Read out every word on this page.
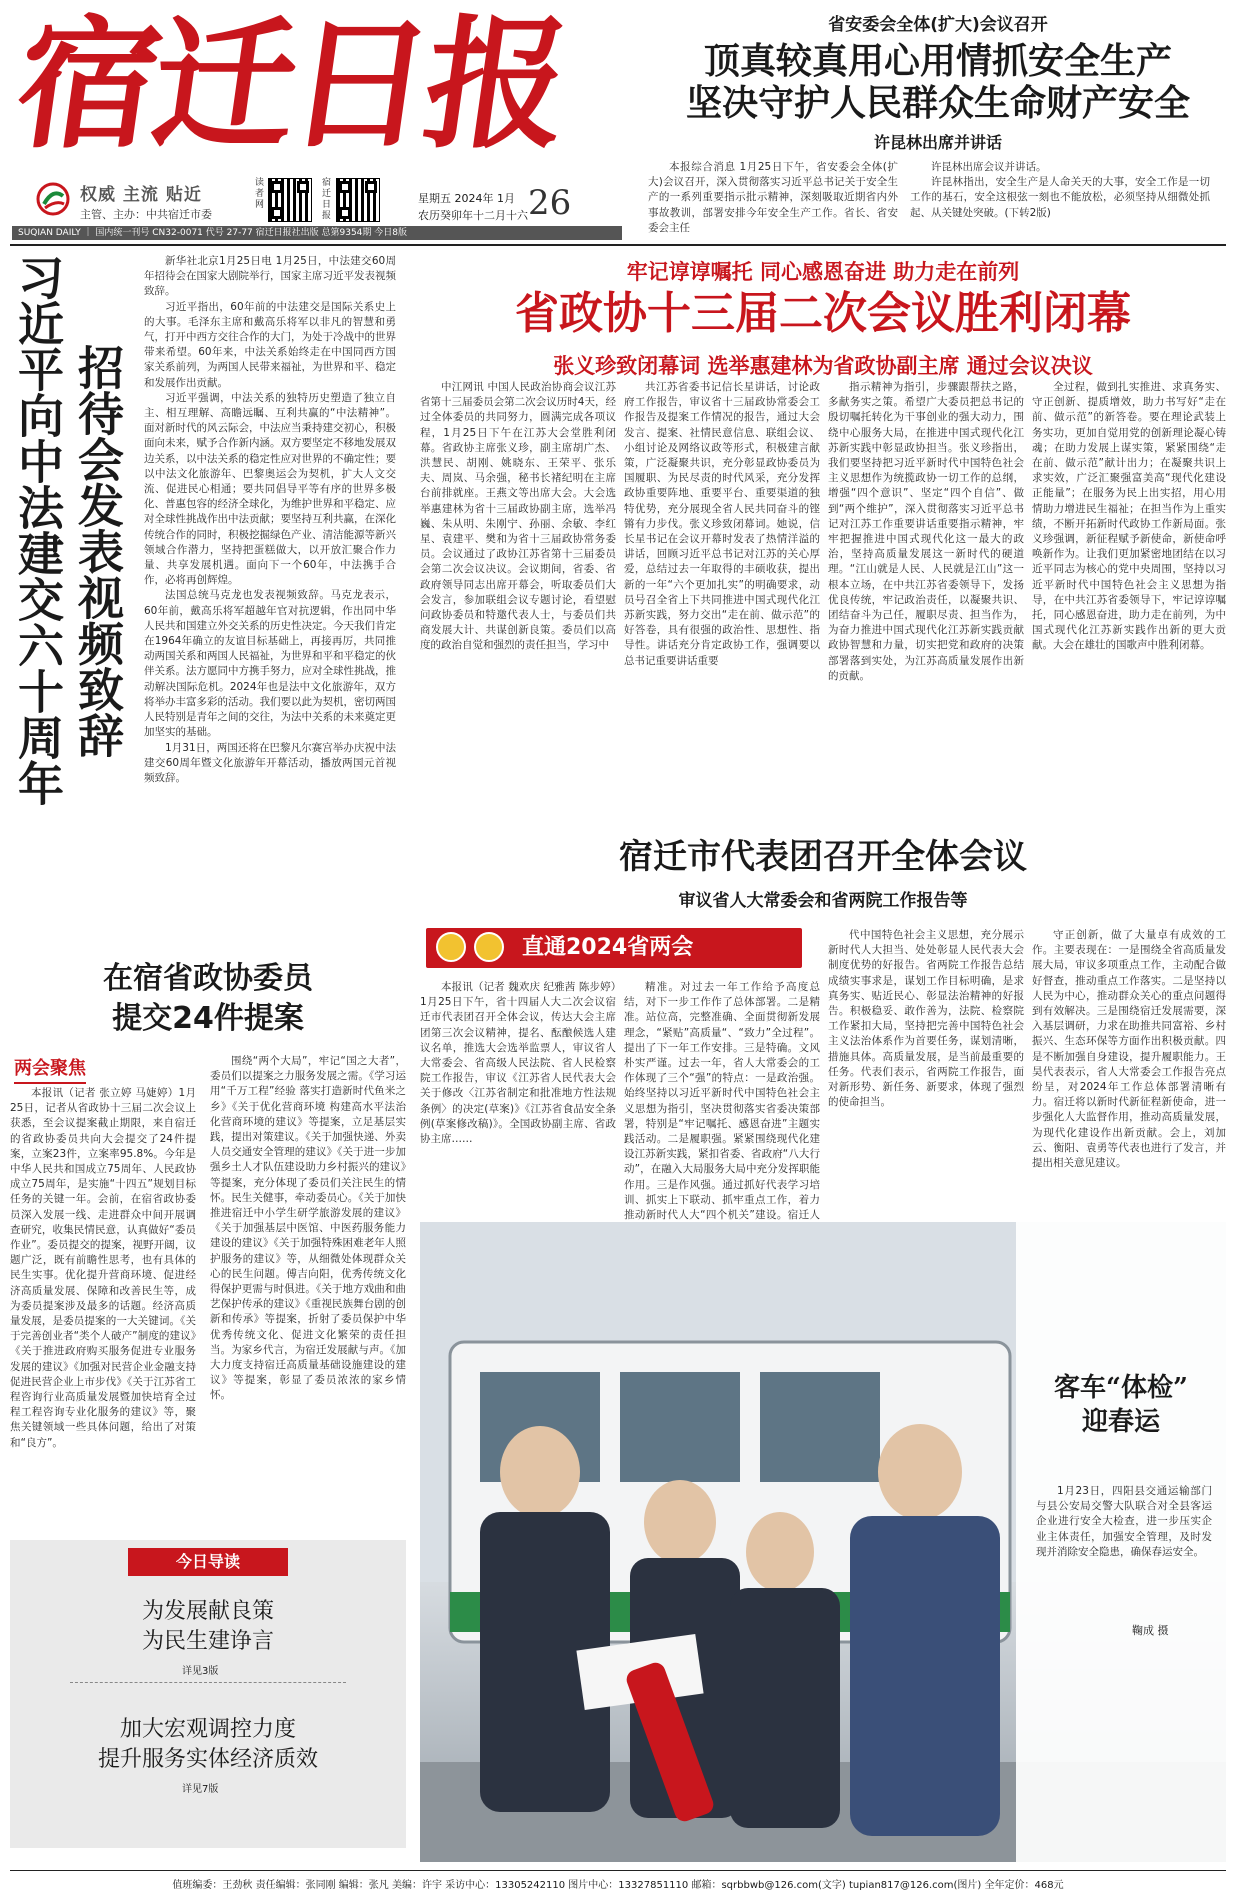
宿迁日报
权威 主流 贴近
主管、主办：中共宿迁市委
读者网
宿迁日报
星期五 2024年 1月
农历癸卯年十二月十六 26
SUQIAN DAILY ｜ 国内统一刊号 CN32-0071 代号 27-77 宿迁日报社出版 总第9354期 今日8版
省安委会全体(扩大)会议召开
顶真较真用心用情抓安全生产
坚决守护人民群众生命财产安全
许昆林出席并讲话

本报综合消息 1月25日下午，省安委会全体(扩大)会议召开，深入贯彻落实习近平总书记关于安全生产的一系列重要指示批示精神，深刻吸取近期省内外事故教训，部署安排今年安全生产工作。省长、省安委会主任

许昆林出席会议并讲话。

许昆林指出，安全生产是人命关天的大事，安全工作是一切工作的基石，安全这根弦一刻也不能放松，必须坚持从细微处抓起、从关键处突破。(下转2版)

习近平向中法建交六十周年 招待会发表视频致辞

新华社北京1月25日电 1月25日，中法建交60周年招待会在国家大剧院举行，国家主席习近平发表视频致辞。

习近平指出，60年前的中法建交是国际关系史上的大事。毛泽东主席和戴高乐将军以非凡的智慧和勇气，打开中西方交往合作的大门，为处于冷战中的世界带来希望。60年来，中法关系始终走在中国同西方国家关系前列，为两国人民带来福祉，为世界和平、稳定和发展作出贡献。

习近平强调，中法关系的独特历史塑造了独立自主、相互理解、高瞻远瞩、互利共赢的“中法精神”。面对新时代的风云际会，中法应当秉持建交初心，积极面向未来，赋予合作新内涵。双方要坚定不移地发展双边关系，以中法关系的稳定性应对世界的不确定性；要以中法文化旅游年、巴黎奥运会为契机，扩大人文交流、促进民心相通；要共同倡导平等有序的世界多极化、普惠包容的经济全球化，为维护世界和平稳定、应对全球性挑战作出中法贡献；要坚持互利共赢，在深化传统合作的同时，积极挖掘绿色产业、清洁能源等新兴领域合作潜力，坚持把蛋糕做大，以开放汇聚合作力量、共享发展机遇。面向下一个60年，中法携手合作，必将再创辉煌。

法国总统马克龙也发表视频致辞。马克龙表示，60年前，戴高乐将军超越年官对抗逻辑，作出同中华人民共和国建立外交关系的历史性决定。今天我们肯定在1964年确立的友谊目标基础上，再接再厉，共同推动两国关系和两国人民福祉，为世界和平和平稳定的伙伴关系。法方愿同中方携手努力，应对全球性挑战，推动解决国际危机。2024年也是法中文化旅游年，双方将举办丰富多彩的活动。我们要以此为契机，密切两国人民特别是青年之间的交往，为法中关系的未来奠定更加坚实的基础。

1月31日，两国还将在巴黎凡尔赛宫举办庆祝中法建交60周年暨文化旅游年开幕活动，播放两国元首视频致辞。

牢记谆谆嘱托 同心感恩奋进 助力走在前列
省政协十三届二次会议胜利闭幕
张义珍致闭幕词 选举惠建林为省政协副主席 通过会议决议

中江网讯 中国人民政治协商会议江苏省第十三届委员会第二次会议历时4天，经过全体委员的共同努力，圆满完成各项议程，1月25日下午在江苏大会堂胜利闭幕。省政协主席张义珍，副主席胡广杰、洪慧民、胡刚、姚晓东、王荣平、张乐夫、周岚、马余强，秘书长褚纪明在主席台前排就座。王燕文等出席大会。大会选举惠建林为省十三届政协副主席，选举冯巍、朱从明、朱刚宁、孙丽、余敏、李红星、袁建平、樊和为省十三届政协常务委员。会议通过了政协江苏省第十三届委员会第二次会议决议。会议期间，省委、省政府领导同志出席开幕会，听取委员们大会发言，参加联组会议专题讨论，看望慰问政协委员和特邀代表人士，与委员们共商发展大计、共谋创新良策。委员们以高度的政治自觉和强烈的责任担当，学习中

共江苏省委书记信长星讲话，讨论政府工作报告，审议省十三届政协常委会工作报告及提案工作情况的报告，通过大会发言、提案、社情民意信息、联组会议、小组讨论及网络议政等形式，积极建言献策，广泛凝聚共识，充分彰显政协委员为国履职、为民尽责的时代风采，充分发挥政协重要阵地、重要平台、重要渠道的独特优势，充分展现全省人民共同奋斗的铿锵有力步伐。张义珍致闭幕词。她说，信长星书记在会议开幕时发表了热情洋溢的讲话，回顾习近平总书记对江苏的关心厚爱，总结过去一年取得的丰硕收获，提出新的一年“六个更加扎实”的明确要求，动员号召全省上下共同推进中国式现代化江苏新实践，努力交出“走在前、做示范”的好答卷，具有很强的政治性、思想性、指导性。讲话充分肯定政协工作，强调要以总书记重要讲话重要

指示精神为指引，步骤跟帮扶之路，多献务实之策。希望广大委员把总书记的殷切嘱托转化为干事创业的强大动力，围绕中心服务大局，在推进中国式现代化江苏新实践中彰显政协担当。张义珍指出，我们要坚持把习近平新时代中国特色社会主义思想作为统揽政协一切工作的总纲，增强“四个意识”、坚定“四个自信”、做到“两个维护”，深入贯彻落实习近平总书记对江苏工作重要讲话重要指示精神，牢牢把握推进中国式现代化这一最大的政治，坚持高质量发展这一新时代的硬道理。“江山就是人民、人民就是江山”这一根本立场，在中共江苏省委领导下，发扬优良传统，牢记政治责任，以凝聚共识、团结奋斗为己任，履职尽责、担当作为，为奋力推进中国式现代化江苏新实践贡献政协智慧和力量，切实把党和政府的决策部署落到实处，为江苏高质量发展作出新的贡献。

全过程，做到扎实推进、求真务实、守正创新、提质增效，助力书写好“走在前、做示范”的新答卷。要在理论武装上务实功，更加自觉用党的创新理论凝心铸魂；在助力发展上谋实策，紧紧围绕“走在前、做示范”献计出力；在凝聚共识上求实效，广泛汇聚强富美高“现代化建设正能量”；在服务为民上出实招，用心用情助力增进民生福祉；在担当作为上重实绩，不断开拓新时代政协工作新局面。张义珍强调，新征程赋予新使命，新使命呼唤新作为。让我们更加紧密地团结在以习近平同志为核心的党中央周围，坚持以习近平新时代中国特色社会主义思想为指导，在中共江苏省委领导下，牢记谆谆嘱托，同心感恩奋进，助力走在前列，为中国式现代化江苏新实践作出新的更大贡献。大会在雄壮的国歌声中胜利闭幕。

宿迁市代表团召开全体会议
审议省人大常委会和省两院工作报告等
直通2024省两会

本报讯（记者 魏欢庆 纪雅茜 陈步婷）1月25日下午，省十四届人大二次会议宿迁市代表团召开全体会议，传达大会主席团第三次会议精神，提名、酝酿候选人建议名单，推选大会选举监票人，审议省人大常委会、省高级人民法院、省人民检察院工作报告，审议《江苏省人民代表大会关于修改〈江苏省制定和批准地方性法规条例〉的决定(草案)》《江苏省食品安全条例(草案修改稿)》。全国政协副主席、省政协主席……

精准。对过去一年工作给予高度总结，对下一步工作作了总体部署。二是精准。站位高，完整准确、全面贯彻新发展理念，“紧贴”高质量“、“致力”全过程”。提出了下一年工作安排。三是特确。文风朴实严谨。过去一年，省人大常委会的工作体现了三个“强”的特点：一是政治强。始终坚持以习近平新时代中国特色社会主义思想为指引，坚决贯彻落实省委决策部署，特别是“牢记嘱托、感恩奋进”主题实践活动。二是履职强。紧紧围绕现代化建设江苏新实践，紧扣省委、省政府“八大行动”，在融入大局服务大局中充分发挥职能作用。三是作风强。通过抓好代表学习培训、抓实上下联动、抓牢重点工作，着力推动新时代人大“四个机关”建设。宿迁人

代中国特色社会主义思想，充分展示新时代人大担当、处处彰显人民代表大会制度优势的好报告。省两院工作报告总结成绩实事求是，谋划工作目标明确，是求真务实、贴近民心、彰显法治精神的好报告。积极稳妥、敢作善为，法院、检察院工作紧扣大局，坚持把完善中国特色社会主义法治体系作为首要任务，谋划清晰，措施具体。高质量发展，是当前最重要的任务。代表们表示，省两院工作报告，面对新形势、新任务、新要求，体现了强烈的使命担当。

守正创新，做了大量卓有成效的工作。主要表现在：一是围绕全省高质量发展大局，审议多项重点工作，主动配合做好督查，推动重点工作落实。二是坚持以人民为中心，推动群众关心的重点问题得到有效解决。三是围绕宿迁发展需要，深入基层调研，力求在助推共同富裕、乡村振兴、生态环保等方面作出积极贡献。四是不断加强自身建设，提升履职能力。王昊代表表示，省人大常委会工作报告亮点纷呈，对2024年工作总体部署清晰有力。宿迁将以新时代新征程新使命，进一步强化人大监督作用，推动高质量发展，为现代化建设作出新贡献。会上，刘加云、衡阳、袁勇等代表也进行了发言，并提出相关意见建议。

在宿省政协委员
提交24件提案
两会聚焦

本报讯（记者 张立婷 马婕婷）1月25日，记者从省政协十三届二次会议上获悉，至会议提案截止期限，来自宿迁的省政协委员共向大会提交了24件提案，立案23件，立案率95.8%。今年是中华人民共和国成立75周年、人民政协成立75周年，是实施“十四五”规划目标任务的关键一年。会前，在宿省政协委员深入发展一线、走进群众中间开展调查研究，收集民情民意，认真做好“委员作业”。委员提交的提案，视野开阔，议题广泛，既有前瞻性思考，也有具体的民生实事。优化提升营商环境、促进经济高质量发展、保障和改善民生等，成为委员提案涉及最多的话题。经济高质量发展，是委员提案的一大关键词。《关于完善创业者“类个人破产”制度的建议》《关于推进政府购买服务促进专业服务发展的建议》《加强对民营企业金融支持 促进民营企业上市步伐》《关于江苏省工程咨询行业高质量发展暨加快培育全过程工程咨询专业化服务的建议》等，聚焦关键领域一些具体问题，给出了对策和“良方”。

围绕“两个大局”，牢记“国之大者”，委员们以提案之力服务发展之需。《学习运用“千万工程”经验 落实打造新时代鱼米之乡》《关于优化营商环境 构建高水平法治化营商环境的建议》等提案，立足基层实践，提出对策建议。《关于加强快递、外卖人员交通安全管理的建议》《关于进一步加强乡土人才队伍建设助力乡村振兴的建议》等提案，充分体现了委员们关注民生的情怀。民生关健事，牵动委员心。《关于加快推进宿迁中小学生研学旅游发展的建议》《关于加强基层中医馆、中医药服务能力建设的建议》《关于加强特殊困难老年人照护服务的建议》等，从细微处体现群众关心的民生问题。傅吉向阳，优秀传统文化得保护更需与时俱进。《关于地方戏曲和曲艺保护传承的建议》《重视民族舞台剧的创新和传承》等提案，折射了委员保护中华优秀传统文化、促进文化繁荣的责任担当。为家乡代言，为宿迁发展献与声。《加大力度支持宿迁高质量基础设施建设的建议》等提案，彰显了委员浓浓的家乡情怀。

今日导读
为发展献良策
为民生建诤言
详见3版
加大宏观调控力度
提升服务实体经济质效
详见7版
客车“体检”
迎春运

1月23日，四阳县交通运输部门与县公安局交警大队联合对全县客运企业进行安全大检查，进一步压实企业主体责任，加强安全管理，及时发现并消除安全隐患，确保春运安全。

鞠成 摄
值班编委：王劲秋 责任编辑：张同刚 编辑：张凡 美编：许宇 采访中心：13305242110 图片中心：13327851110 邮箱：sqrbbwb@126.com(文字) tupian817@126.com(图片) 全年定价：468元
